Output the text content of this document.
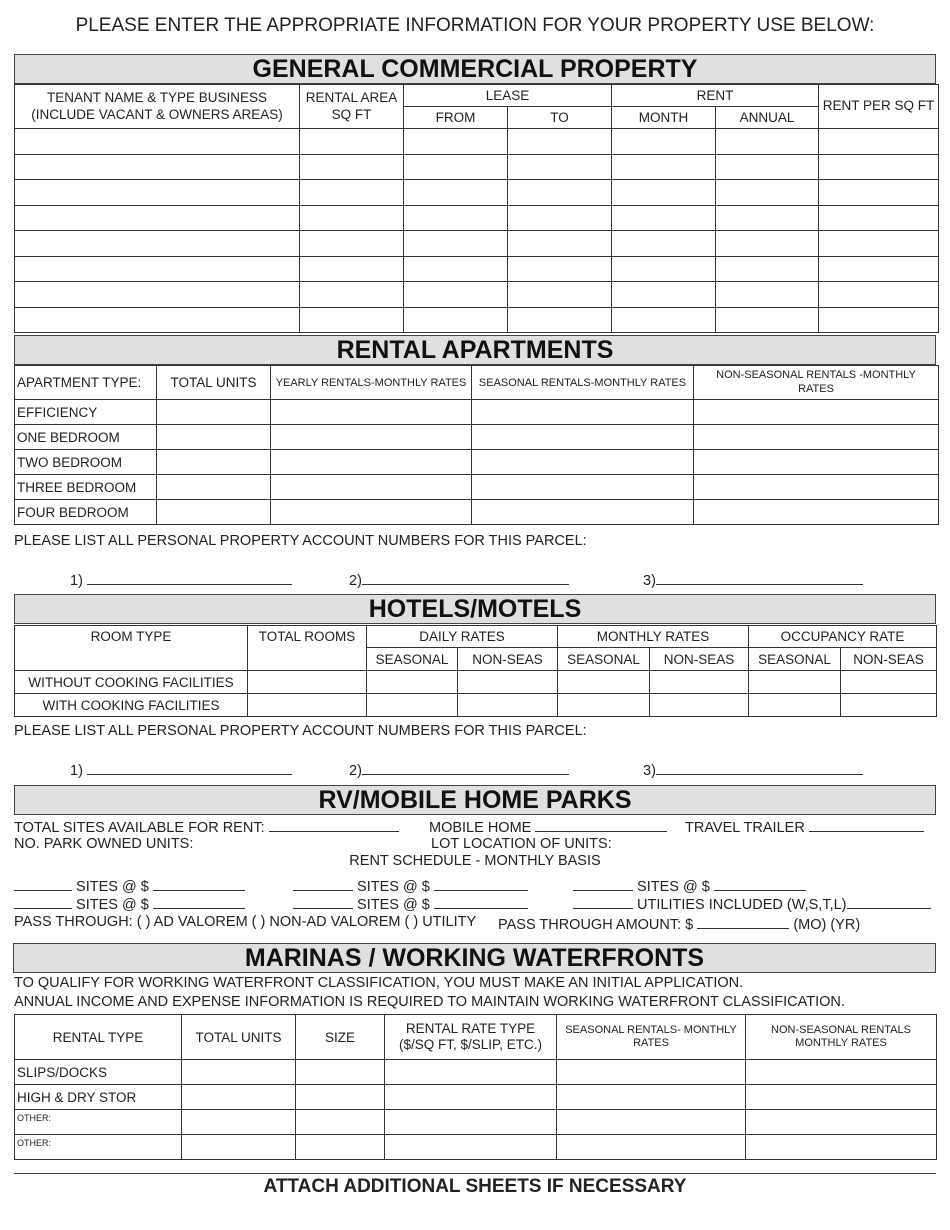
PLEASE ENTER THE APPROPRIATE INFORMATION FOR YOUR PROPERTY USE BELOW:
GENERAL COMMERCIAL PROPERTY
TENANT NAME & TYPE BUSINESS (INCLUDE VACANT & OWNERS AREAS)	RENTAL AREA SQ FT	LEASE		RENT		RENT PER SQ FT
		FROM	TO	MONTH	ANNUAL	

RENTAL APARTMENTS
APARTMENT TYPE:	TOTAL UNITS	YEARLY RENTALS-MONTHLY RATES	SEASONAL RENTALS-MONTHLY RATES	NON-SEASONAL RENTALS -MONTHLY RATES
EFFICIENCY				
ONE BEDROOM				
TWO BEDROOM				
THREE BEDROOM				
FOUR BEDROOM				
PLEASE LIST ALL PERSONAL PROPERTY ACCOUNT NUMBERS FOR THIS PARCEL:
1)	2)	3)
HOTELS/MOTELS
ROOM TYPE	TOTAL ROOMS	DAILY RATES		MONTHLY RATES		OCCUPANCY RATE	
		SEASONAL	NON-SEAS	SEASONAL	NON-SEAS	SEASONAL	NON-SEAS
WITHOUT COOKING FACILITIES							
WITH COOKING FACILITIES							
PLEASE LIST ALL PERSONAL PROPERTY ACCOUNT NUMBERS FOR THIS PARCEL:
1)	2)	3)
RV/MOBILE HOME PARKS
TOTAL SITES AVAILABLE FOR RENT:	MOBILE HOME	TRAVEL TRAILER
NO. PARK OWNED UNITS:	LOT LOCATION OF UNITS:
RENT SCHEDULE - MONTHLY BASIS
SITES @ $	SITES @ $	SITES @ $
SITES @ $	SITES @ $	UTILITIES INCLUDED (W,S,T,L)
PASS THROUGH: ( ) AD VALOREM ( ) NON-AD VALOREM ( ) UTILITY PASS THROUGH AMOUNT: $	(MO) (YR)
MARINAS / WORKING WATERFRONTS
TO QUALIFY FOR WORKING WATERFRONT CLASSIFICATION, YOU MUST MAKE AN INITIAL APPLICATION.
ANNUAL INCOME AND EXPENSE INFORMATION IS REQUIRED TO MAINTAIN WORKING WATERFRONT CLASSIFICATION.
RENTAL TYPE	TOTAL UNITS	SIZE	RENTAL RATE TYPE ($/SQ FT, $/SLIP, ETC.)	SEASONAL RENTALS- MONTHLY RATES	NON-SEASONAL RENTALS MONTHLY RATES
SLIPS/DOCKS					
HIGH & DRY STOR					
OTHER:					
OTHER:					
ATTACH ADDITIONAL SHEETS IF NECESSARY
